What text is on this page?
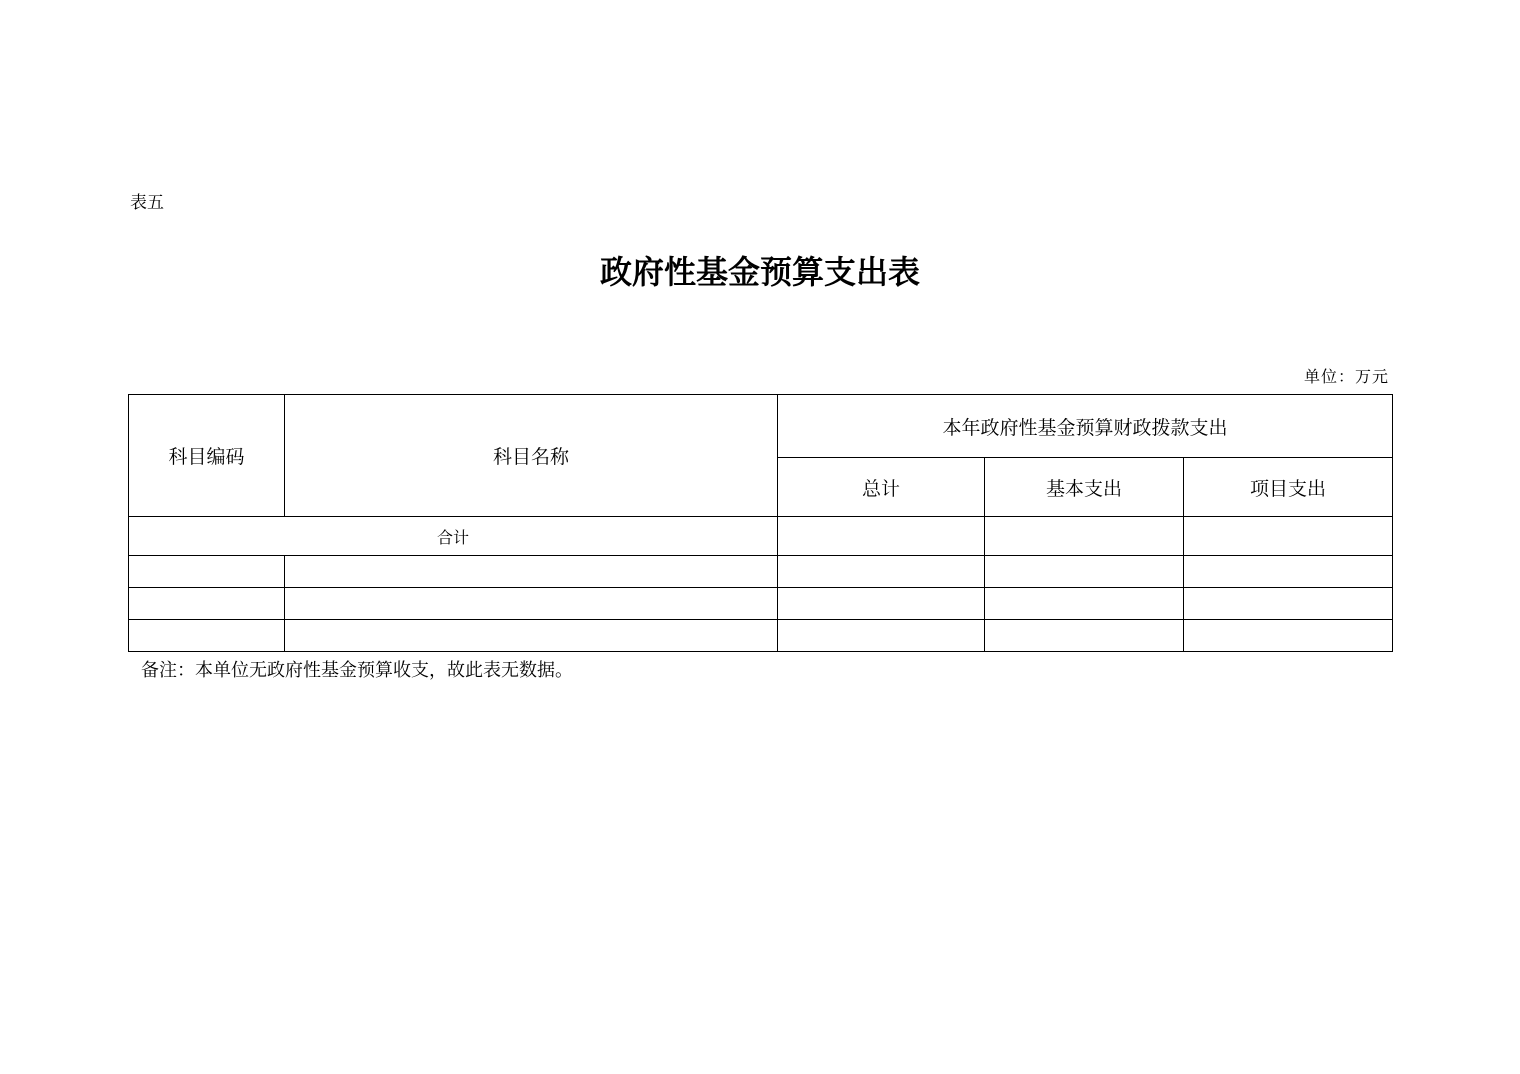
表五
政府性基金预算支出表
单位：万元
科目编码	科目名称	本年政府性基金预算财政拨款支出		
		总计	基本支出	项目支出
合计				

备注：本单位无政府性基金预算收支，故此表无数据。
